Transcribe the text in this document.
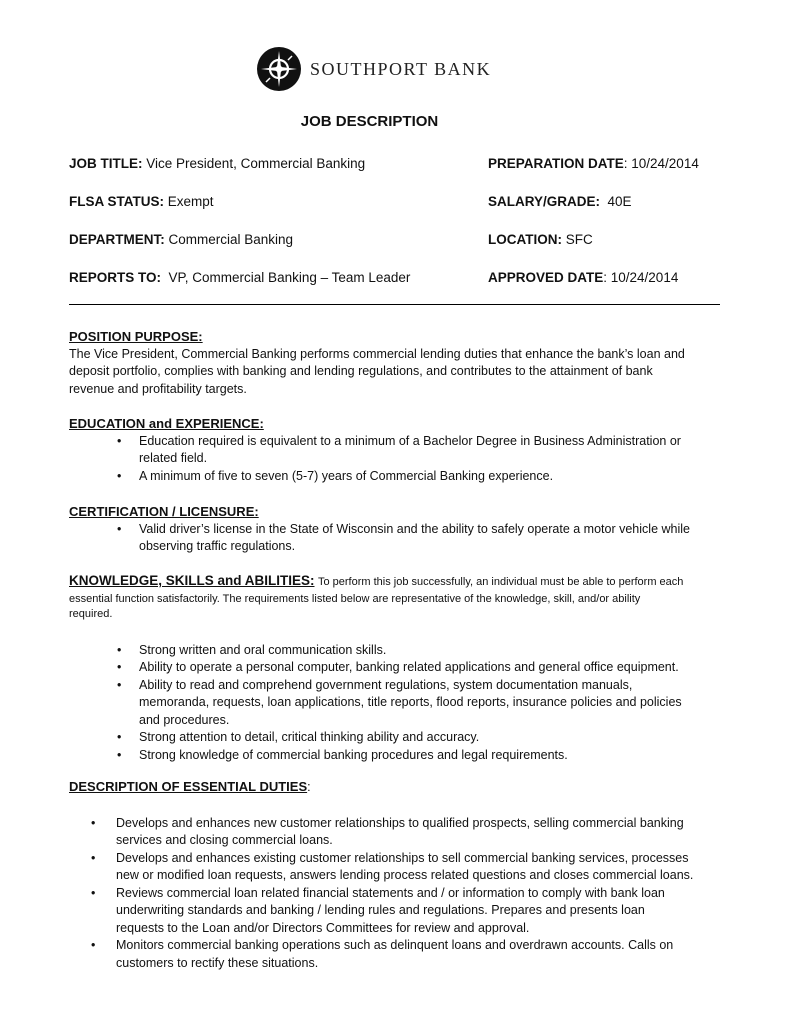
SOUTHPORT BANK
JOB DESCRIPTION
JOB TITLE: Vice President, Commercial Banking
FLSA STATUS: Exempt
DEPARTMENT: Commercial Banking
REPORTS TO: VP, Commercial Banking – Team Leader
PREPARATION DATE: 10/24/2014
SALARY/GRADE: 40E
LOCATION: SFC
APPROVED DATE: 10/24/2014
POSITION PURPOSE:
The Vice President, Commercial Banking performs commercial lending duties that enhance the bank’s loan and
deposit portfolio, complies with banking and lending regulations, and contributes to the attainment of bank
revenue and profitability targets.
EDUCATION and EXPERIENCE:
• Education required is equivalent to a minimum of a Bachelor Degree in Business Administration or
related field.
• A minimum of five to seven (5-7) years of Commercial Banking experience.
CERTIFICATION / LICENSURE:
• Valid driver’s license in the State of Wisconsin and the ability to safely operate a motor vehicle while
observing traffic regulations.
KNOWLEDGE, SKILLS and ABILITIES: To perform this job successfully, an individual must be able to perform each
essential function satisfactorily. The requirements listed below are representative of the knowledge, skill, and/or ability
required.
• Strong written and oral communication skills.
• Ability to operate a personal computer, banking related applications and general office equipment.
• Ability to read and comprehend government regulations, system documentation manuals,
memoranda, requests, loan applications, title reports, flood reports, insurance policies and policies
and procedures.
• Strong attention to detail, critical thinking ability and accuracy.
• Strong knowledge of commercial banking procedures and legal requirements.
DESCRIPTION OF ESSENTIAL DUTIES:
• Develops and enhances new customer relationships to qualified prospects, selling commercial banking
services and closing commercial loans.
• Develops and enhances existing customer relationships to sell commercial banking services, processes
new or modified loan requests, answers lending process related questions and closes commercial loans.
• Reviews commercial loan related financial statements and / or information to comply with bank loan
underwriting standards and banking / lending rules and regulations. Prepares and presents loan
requests to the Loan and/or Directors Committees for review and approval.
• Monitors commercial banking operations such as delinquent loans and overdrawn accounts. Calls on
customers to rectify these situations.
